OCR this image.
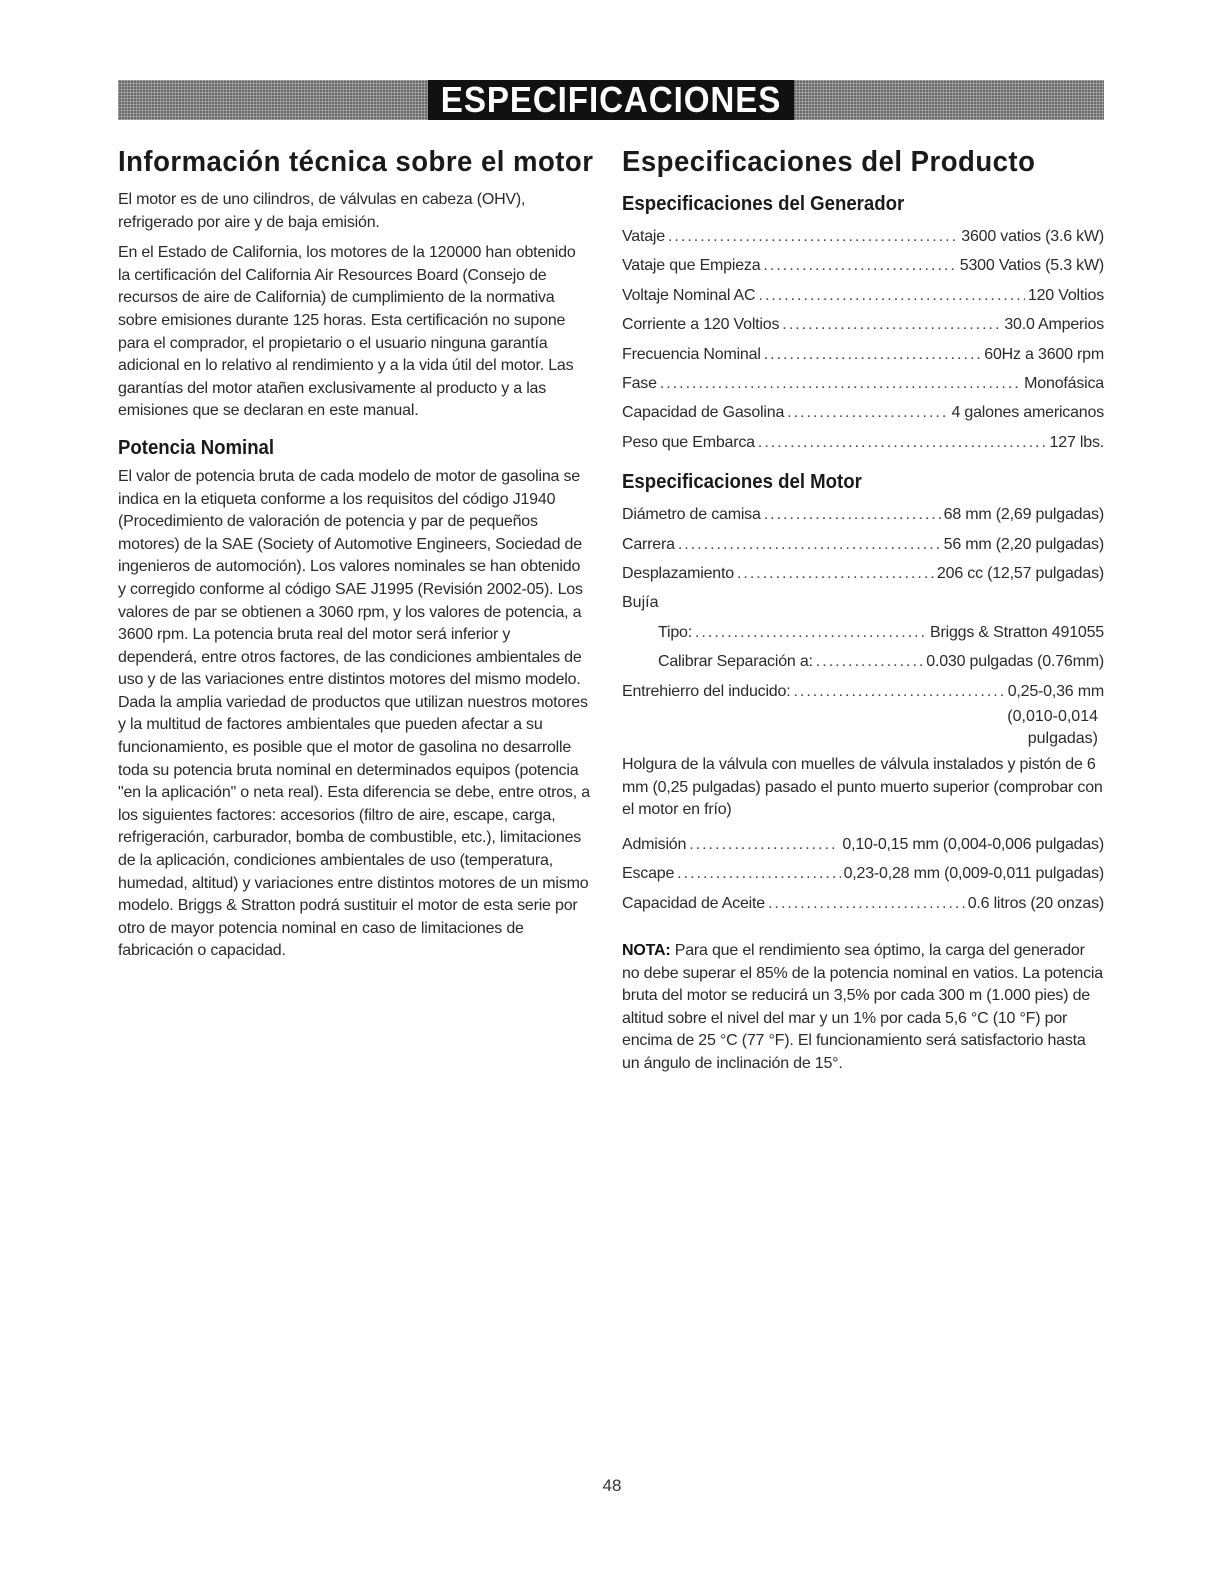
ESPECIFICACIONES
Información técnica sobre el motor

El motor es de uno cilindros, de válvulas en cabeza (OHV), refrigerado por aire y de baja emisión.

En el Estado de California, los motores de la 120000 han obtenido la certificación del California Air Resources Board (Consejo de recursos de aire de California) de cumplimiento de la normativa sobre emisiones durante 125 horas. Esta certificación no supone para el comprador, el propietario o el usuario ninguna garantía adicional en lo relativo al rendimiento y a la vida útil del motor. Las garantías del motor atañen exclusivamente al producto y a las emisiones que se declaran en este manual.

Potencia Nominal

El valor de potencia bruta de cada modelo de motor de gasolina se indica en la etiqueta conforme a los requisitos del código J1940 (Procedimiento de valoración de potencia y par de pequeños motores) de la SAE (Society of Automotive Engineers, Sociedad de ingenieros de automoción). Los valores nominales se han obtenido y corregido conforme al código SAE J1995 (Revisión 2002-05). Los valores de par se obtienen a 3060 rpm, y los valores de potencia, a 3600 rpm. La potencia bruta real del motor será inferior y dependerá, entre otros factores, de las condiciones ambientales de uso y de las variaciones entre distintos motores del mismo modelo. Dada la amplia variedad de productos que utilizan nuestros motores y la multitud de factores ambientales que pueden afectar a su funcionamiento, es posible que el motor de gasolina no desarrolle toda su potencia bruta nominal en determinados equipos (potencia "en la aplicación" o neta real). Esta diferencia se debe, entre otros, a los siguientes factores: accesorios (filtro de aire, escape, carga, refrigeración, carburador, bomba de combustible, etc.), limitaciones de la aplicación, condiciones ambientales de uso (temperatura, humedad, altitud) y variaciones entre distintos motores de un mismo modelo. Briggs & Stratton podrá sustituir el motor de esta serie por otro de mayor potencia nominal en caso de limitaciones de fabricación o capacidad.

Especificaciones del Producto
Especificaciones del Generador
Vataje .....	3600 vatios (3.6 kW)
Vataje que Empieza .....	5300 Vatios (5.3 kW)
Voltaje Nominal AC .....	120 Voltios
Corriente a 120 Voltios .....	30.0 Amperios
Frecuencia Nominal .....	60Hz a 3600 rpm
Fase .....	Monofásica
Capacidad de Gasolina .....	4 galones americanos
Peso que Embarca .....	127 lbs.
Especificaciones del Motor
Diámetro de camisa .....	68 mm (2,69 pulgadas)
Carrera .....	56 mm (2,20 pulgadas)
Desplazamiento .....	206 cc (12,57 pulgadas)
Bujía
Tipo: .....	Briggs & Stratton 491055
Calibrar Separación a: .....	0.030 pulgadas (0.76mm)
Entrehierro del inducido: .....	0,25-0,36 mm
(0,010-0,014
pulgadas)

Holgura de la válvula con muelles de válvula instalados y pistón de 6 mm (0,25 pulgadas) pasado el punto muerto superior (comprobar con el motor en frío)

Admisión .....	0,10-0,15 mm (0,004-0,006 pulgadas)
Escape .....	0,23-0,28 mm (0,009-0,011 pulgadas)
Capacidad de Aceite .....	0.6 litros (20 onzas)

NOTA: Para que el rendimiento sea óptimo, la carga del generador no debe superar el 85% de la potencia nominal en vatios. La potencia bruta del motor se reducirá un 3,5% por cada 300 m (1.000 pies) de altitud sobre el nivel del mar y un 1% por cada 5,6 °C (10 °F) por encima de 25 °C (77 °F). El funcionamiento será satisfactorio hasta un ángulo de inclinación de 15°.

48
